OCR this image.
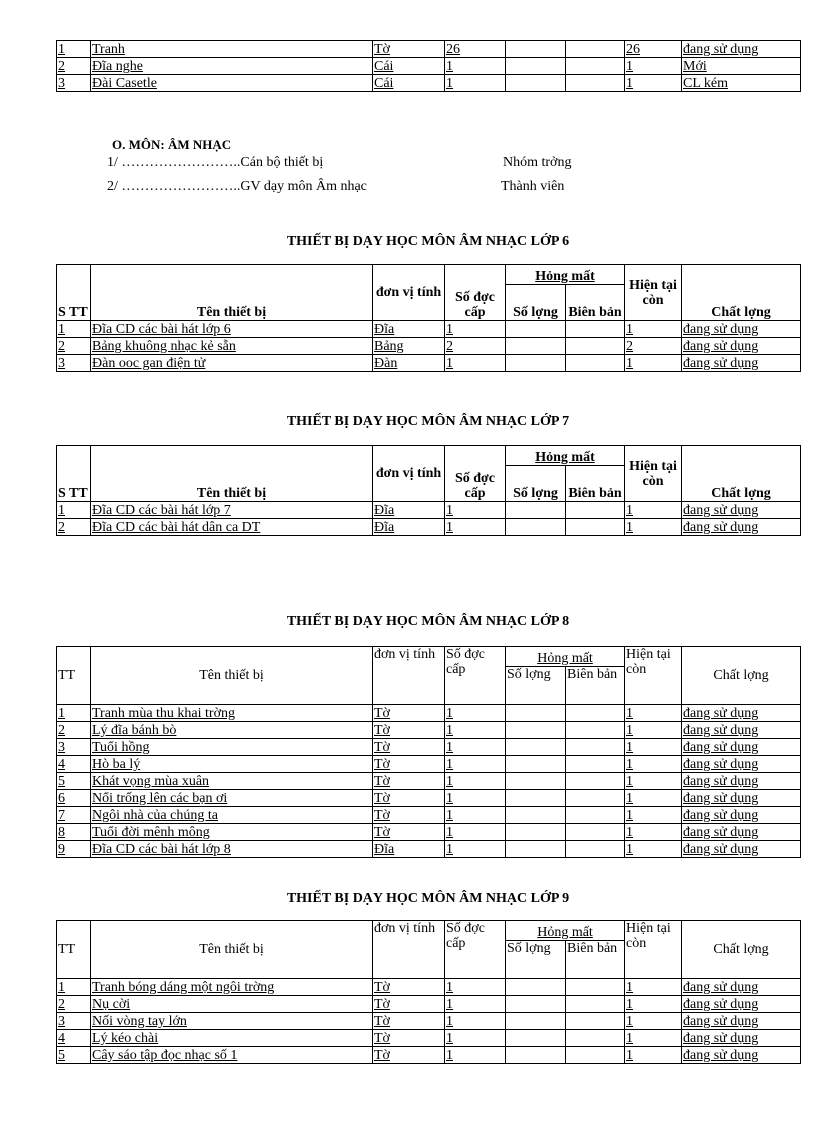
1	Tranh	Tờ	26			26	đang sử dụng
2	Đĩa nghe	Cái	1			1	Mới
3	Đài Casetle	Cái	1			1	CL kém
O. MÔN: ÂM NHẠC
1/ ……………………..Cán bộ thiết bị	Nhóm trởng
2/ ……………………..GV dạy môn Âm nhạc	Thành viên
THIẾT BỊ DẠY HỌC MÔN ÂM NHẠC LỚP 6
S TT	Tên thiết bị	đơn vị tính	Số đợc cấp	Hỏng mất		Hiện tại còn	Chất lợng
				Số lợng	Biên bản		
1	Đĩa CD các bài hát lớp 6	Đĩa	1			1	đang sử dụng
2	Bảng khuông nhạc kẻ sẵn	Bảng	2			2	đang sử dụng
3	Đàn ooc gan điện tử	Đàn	1			1	đang sử dụng
THIẾT BỊ DẠY HỌC MÔN ÂM NHẠC LỚP 7
S TT	Tên thiết bị	đơn vị tính	Số đợc cấp	Hỏng mất		Hiện tại còn	Chất lợng
				Số lợng	Biên bản		
1	Đĩa CD các bài hát lớp 7	Đĩa	1			1	đang sử dụng
2	Đĩa CD các bài hát dân ca DT	Đĩa	1			1	đang sử dụng
THIẾT BỊ DẠY HỌC MÔN ÂM NHẠC LỚP 8
TT	Tên thiết bị	đơn vị tính	Số đợc cấp	Hỏng mất		Hiện tại còn	Chất lợng
				Số lợng	Biên bản		
1	Tranh mùa thu khai trờng	Tờ	1			1	đang sử dụng
2	Lý đĩa bánh bò	Tờ	1			1	đang sử dụng
3	Tuổi hồng	Tờ	1			1	đang sử dụng
4	Hò ba lý	Tờ	1			1	đang sử dụng
5	Khát vọng mùa xuân	Tờ	1			1	đang sử dụng
6	Nổi trống lên các bạn ơi	Tờ	1			1	đang sử dụng
7	Ngôi nhà của chúng ta	Tờ	1			1	đang sử dụng
8	Tuổi đời mênh mông	Tờ	1			1	đang sử dụng
9	Đĩa CD các bài hát lớp 8	Đĩa	1			1	đang sử dụng
THIẾT BỊ DẠY HỌC MÔN ÂM NHẠC LỚP 9
TT	Tên thiết bị	đơn vị tính	Số đợc cấp	Hỏng mất		Hiện tại còn	Chất lợng
				Số lợng	Biên bản		
1	Tranh bóng dáng một ngôi trờng	Tờ	1			1	đang sử dụng
2	Nụ cời	Tờ	1			1	đang sử dụng
3	Nối vòng tay lớn	Tờ	1			1	đang sử dụng
4	Lý kéo chài	Tờ	1			1	đang sử dụng
5	Cây sáo tập đọc nhạc số 1	Tờ	1			1	đang sử dụng
